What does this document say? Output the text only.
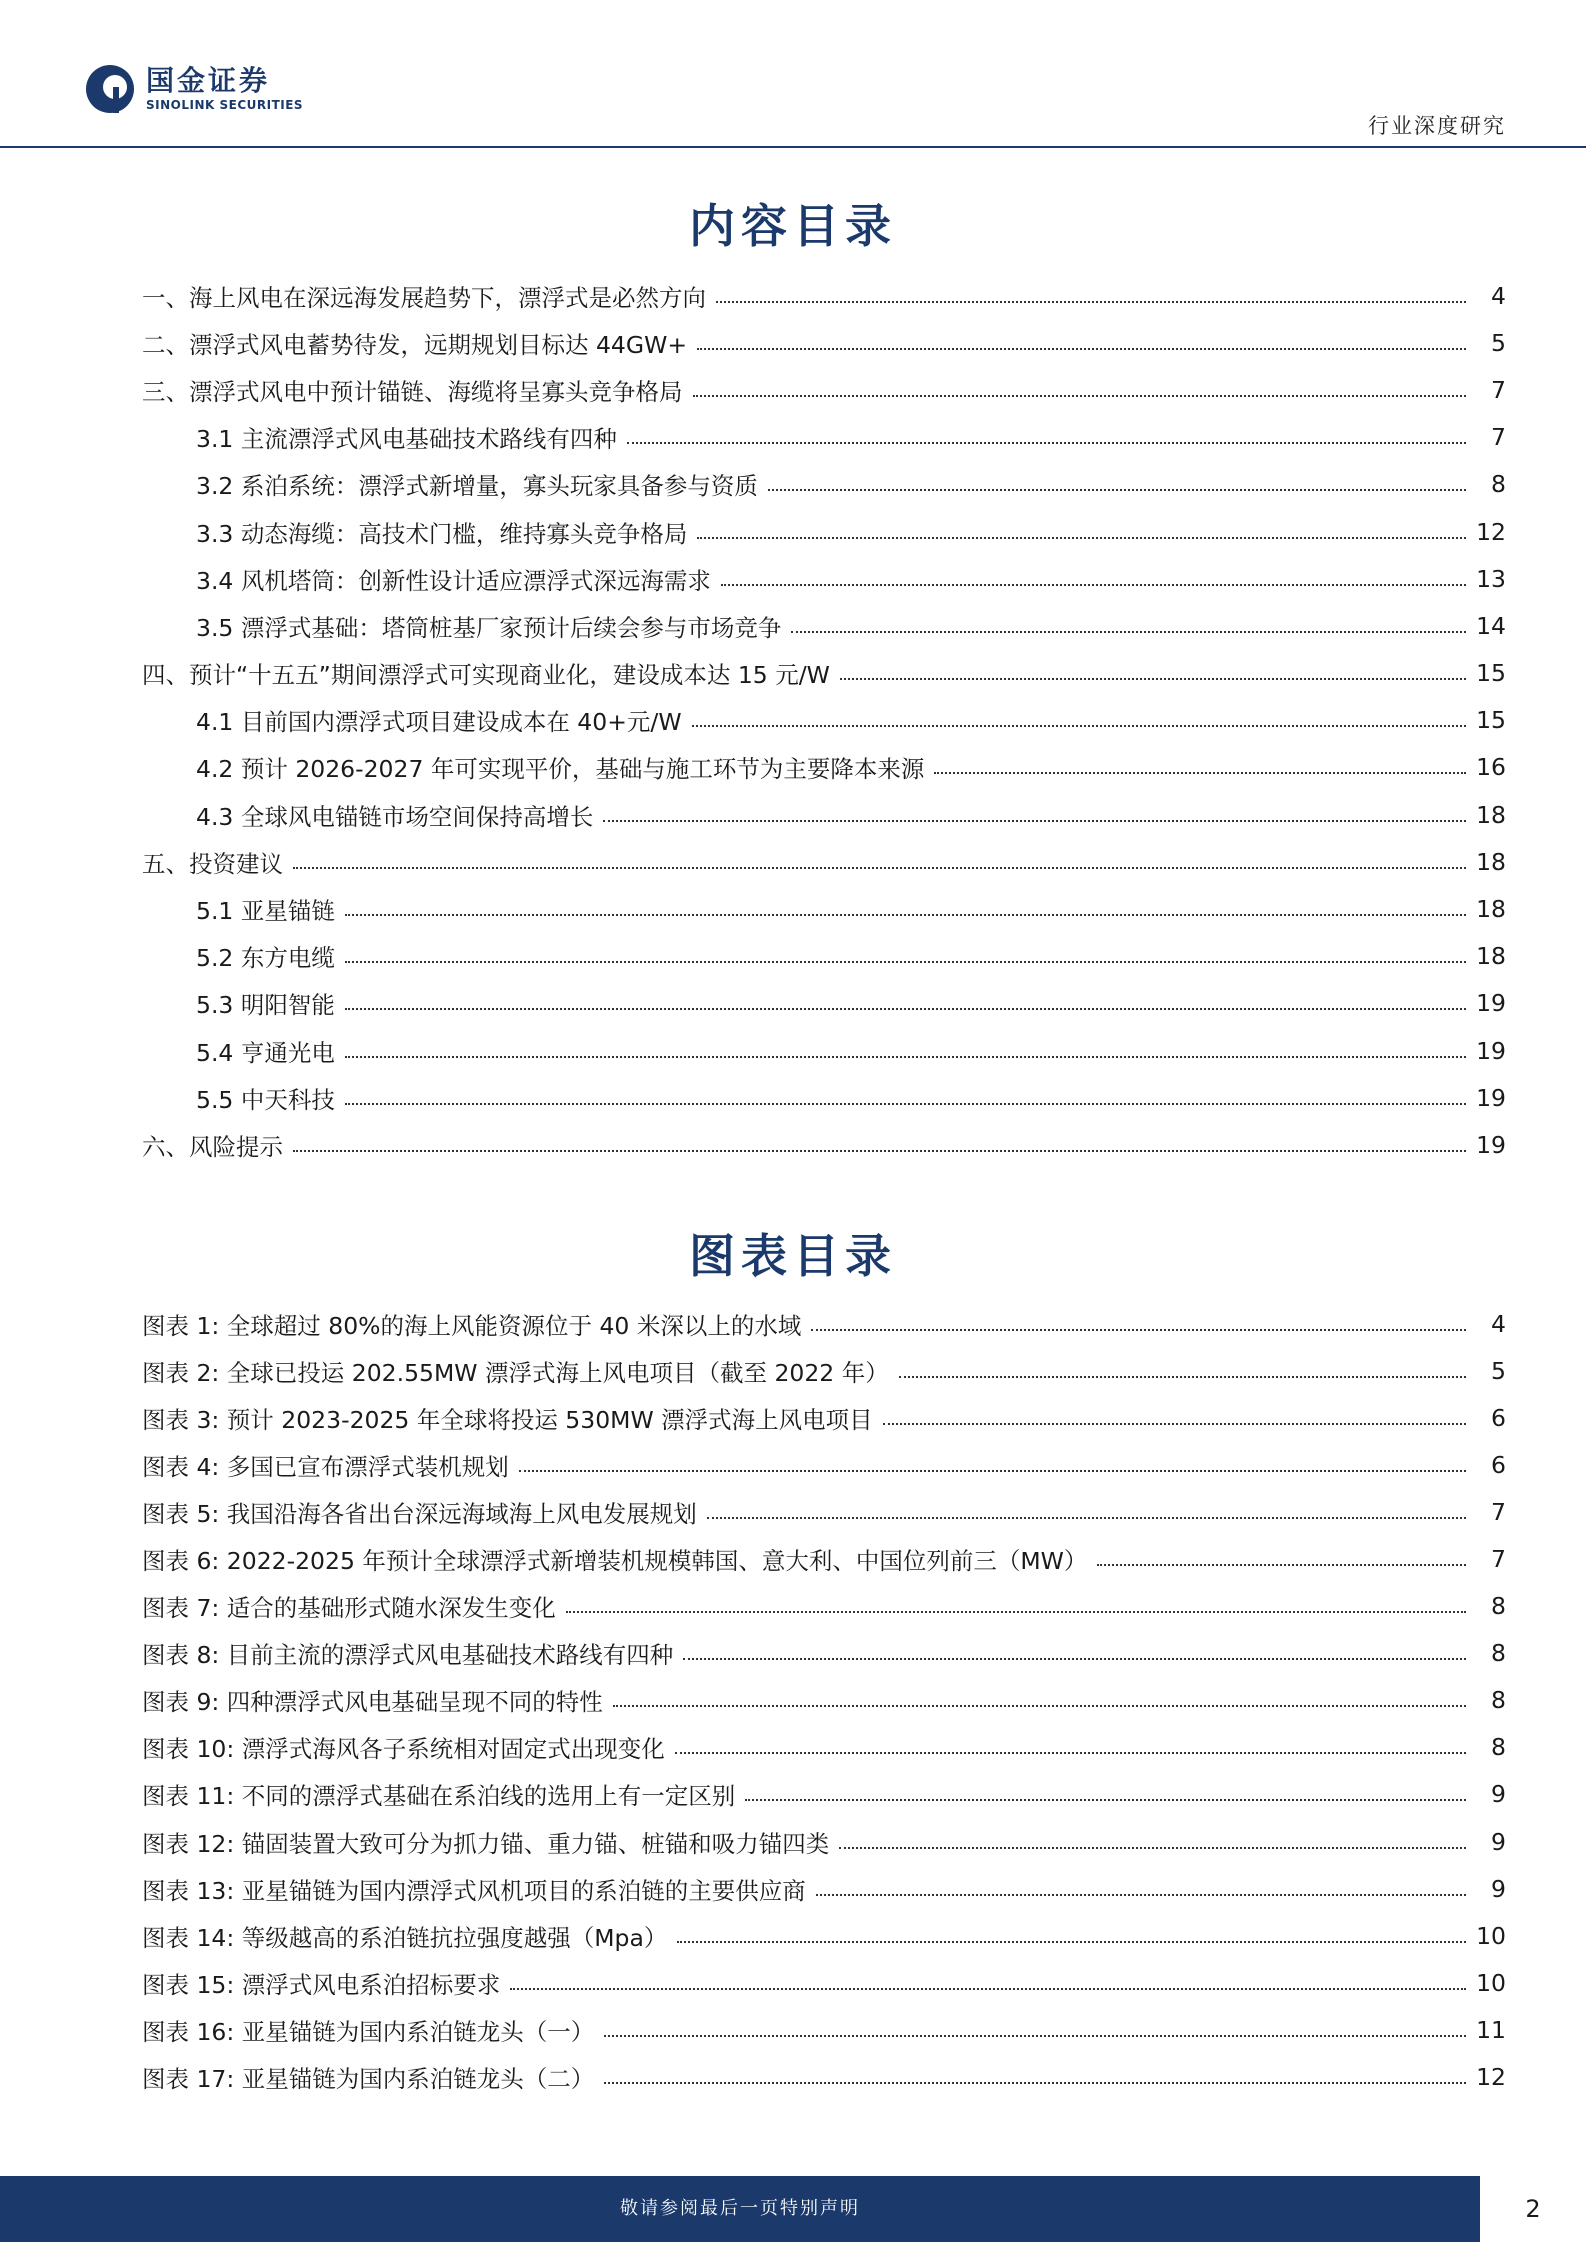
国金证券
SINOLINK SECURITIES
行业深度研究
内容目录
一、海上风电在深远海发展趋势下，漂浮式是必然方向	4
二、漂浮式风电蓄势待发，远期规划目标达 44GW+	5
三、漂浮式风电中预计锚链、海缆将呈寡头竞争格局	7
3.1 主流漂浮式风电基础技术路线有四种	7
3.2 系泊系统：漂浮式新增量，寡头玩家具备参与资质	8
3.3 动态海缆：高技术门槛，维持寡头竞争格局	12
3.4 风机塔筒：创新性设计适应漂浮式深远海需求	13
3.5 漂浮式基础：塔筒桩基厂家预计后续会参与市场竞争	14
四、预计“十五五”期间漂浮式可实现商业化，建设成本达 15 元/W	15
4.1 目前国内漂浮式项目建设成本在 40+元/W	15
4.2 预计 2026-2027 年可实现平价，基础与施工环节为主要降本来源	16
4.3 全球风电锚链市场空间保持高增长	18
五、投资建议	18
5.1 亚星锚链	18
5.2 东方电缆	18
5.3 明阳智能	19
5.4 亨通光电	19
5.5 中天科技	19
六、风险提示	19
图表目录
图表 1: 全球超过 80%的海上风能资源位于 40 米深以上的水域	4
图表 2: 全球已投运 202.55MW 漂浮式海上风电项目（截至 2022 年）	5
图表 3: 预计 2023-2025 年全球将投运 530MW 漂浮式海上风电项目	6
图表 4: 多国已宣布漂浮式装机规划	6
图表 5: 我国沿海各省出台深远海域海上风电发展规划	7
图表 6: 2022-2025 年预计全球漂浮式新增装机规模韩国、意大利、中国位列前三（MW）	7
图表 7: 适合的基础形式随水深发生变化	8
图表 8: 目前主流的漂浮式风电基础技术路线有四种	8
图表 9: 四种漂浮式风电基础呈现不同的特性	8
图表 10: 漂浮式海风各子系统相对固定式出现变化	8
图表 11: 不同的漂浮式基础在系泊线的选用上有一定区别	9
图表 12: 锚固装置大致可分为抓力锚、重力锚、桩锚和吸力锚四类	9
图表 13: 亚星锚链为国内漂浮式风机项目的系泊链的主要供应商	9
图表 14: 等级越高的系泊链抗拉强度越强（Mpa）	10
图表 15: 漂浮式风电系泊招标要求	10
图表 16: 亚星锚链为国内系泊链龙头（一）	11
图表 17: 亚星锚链为国内系泊链龙头（二）	12
敬请参阅最后一页特别声明	2
